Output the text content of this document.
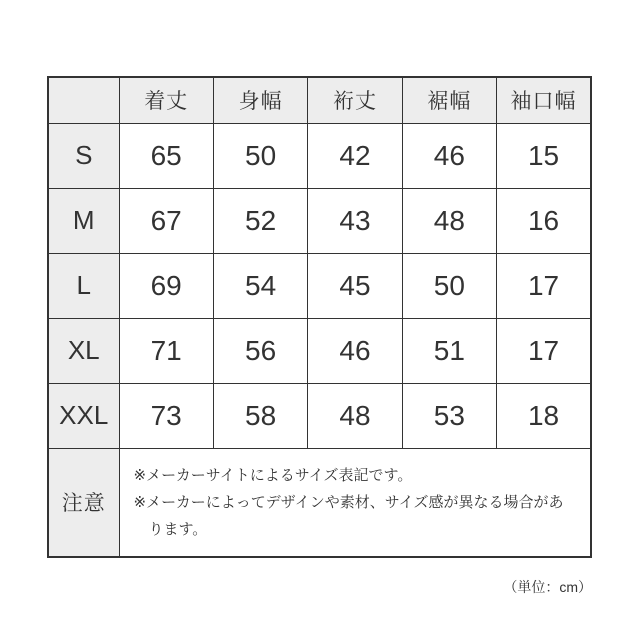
	着丈	身幅	裄丈	裾幅	袖口幅
S	65	50	42	46	15
M	67	52	43	48	16
L	69	54	45	50	17
XL	71	56	46	51	17
XXL	73	58	48	53	18
注意	※メーカーサイトによるサイズ表記です。
※メーカーによってデザインや素材、サイズ感が異なる場合があります。				
（単位：cm）
